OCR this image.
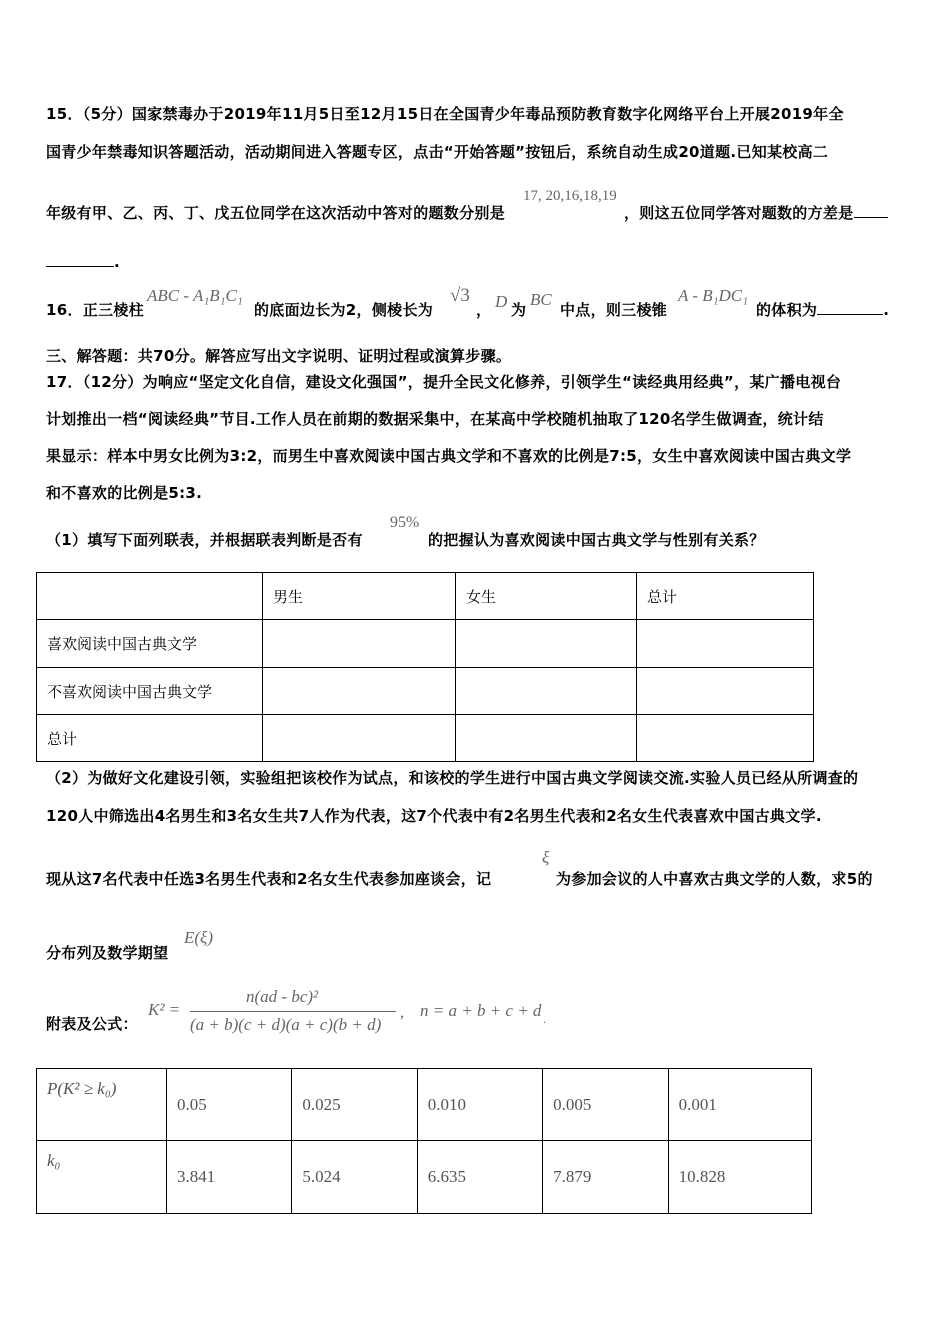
15．（5分）国家禁毒办于2019年11月5日至12月15日在全国青少年毒品预防教育数字化网络平台上开展2019年全
国青少年禁毒知识答题活动，活动期间进入答题专区，点击“开始答题”按钮后，系统自动生成20道题.已知某校高二
年级有甲、乙、丙、丁、戊五位同学在这次活动中答对的题数分别是
17, 20,16,18,19
，则这五位同学答对题数的方差是
.
16．正三棱柱
ABC - A₁B₁C₁
的底面边长为2，侧棱长为
√3
， D 为
BC
中点，则三棱锥
A - B₁DC₁
的体积为	.
三、解答题：共70分。解答应写出文字说明、证明过程或演算步骤。
17．（12分）为响应“坚定文化自信，建设文化强国”，提升全民文化修养，引领学生“读经典用经典”，某广播电视台
计划推出一档“阅读经典”节目.工作人员在前期的数据采集中，在某高中学校随机抽取了120名学生做调查，统计结
果显示：样本中男女比例为3:2，而男生中喜欢阅读中国古典文学和不喜欢的比例是7:5，女生中喜欢阅读中国古典文学
和不喜欢的比例是5:3.
（1）填写下面列联表，并根据联表判断是否有
95%
的把握认为喜欢阅读中国古典文学与性别有关系？
	男生	女生	总计
喜欢阅读中国古典文学			
不喜欢阅读中国古典文学			
总计			
（2）为做好文化建设引领，实验组把该校作为试点，和该校的学生进行中国古典文学阅读交流.实验人员已经从所调查的
120人中筛选出4名男生和3名女生共7人作为代表，这7个代表中有2名男生代表和2名女生代表喜欢中国古典文学.
现从这7名代表中任选3名男生代表和2名女生代表参加座谈会，记
ξ
为参加会议的人中喜欢古典文学的人数，求5的
分布列及数学期望
E(ξ)
附表及公式：
K² =
n(ad - bc)²
(a + b)(c + d)(a + c)(b + d)
, n = a + b + c + d .
P(K² ≥ k₀)	0.05	0.025	0.010	0.005	0.001
k₀	3.841	5.024	6.635	7.879	10.828
